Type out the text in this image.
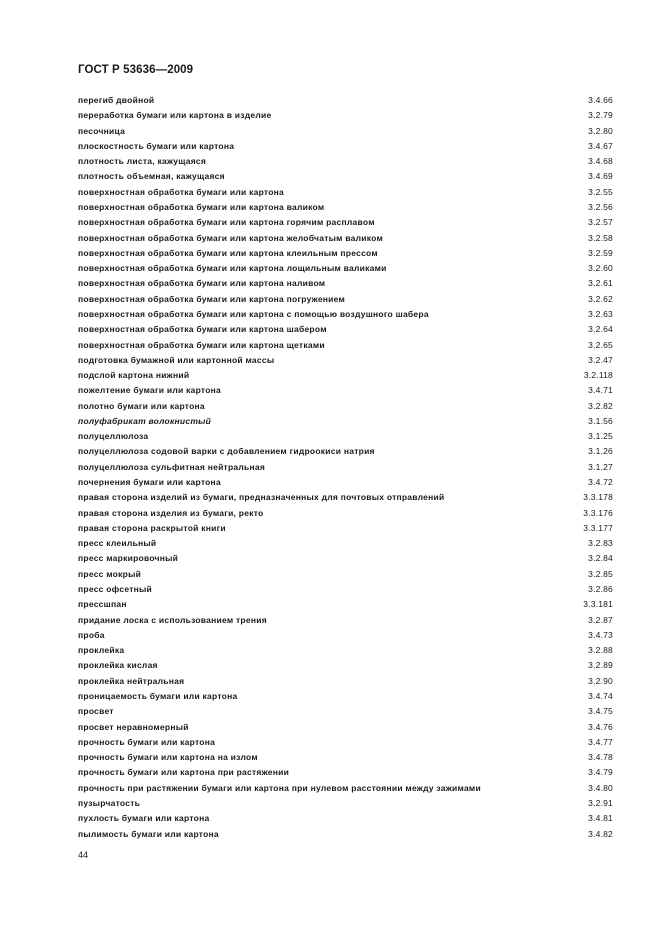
ГОСТ Р 53636—2009
перегиб двойной	3.4.66
переработка бумаги или картона в изделие	3.2.79
песочница	3.2.80
плоскостность бумаги или картона	3.4.67
плотность листа, кажущаяся	3.4.68
плотность объемная, кажущаяся	3.4.69
поверхностная обработка бумаги или картона	3.2.55
поверхностная обработка бумаги или картона валиком	3.2.56
поверхностная обработка бумаги или картона горячим расплавом	3.2.57
поверхностная обработка бумаги или картона желобчатым валиком	3.2.58
поверхностная обработка бумаги или картона клеильным прессом	3.2.59
поверхностная обработка бумаги или картона лощильным валиками	3.2.60
поверхностная обработка бумаги или картона наливом	3.2.61
поверхностная обработка бумаги или картона погружением	3.2.62
поверхностная обработка бумаги или картона с помощью воздушного шабера	3.2.63
поверхностная обработка бумаги или картона шабером	3.2.64
поверхностная обработка бумаги или картона щетками	3.2.65
подготовка бумажной или картонной массы	3.2.47
подслой картона нижний	3.2.118
пожелтение бумаги или картона	3.4.71
полотно бумаги или картона	3.2.82
полуфабрикат волокнистый	3.1.56
полуцеллюлоза	3.1.25
полуцеллюлоза содовой варки с добавлением гидроокиси натрия	3.1.26
полуцеллюлоза сульфитная нейтральная	3.1.27
почернения бумаги или картона	3.4.72
правая сторона изделий из бумаги, предназначенных для почтовых отправлений	3.3.178
правая сторона изделия из бумаги, ректо	3.3.176
правая сторона раскрытой книги	3.3.177
пресс клеильный	3.2.83
пресс маркировочный	3.2.84
пресс мокрый	3.2.85
пресс офсетный	3.2.86
прессшпан	3.3.181
придание лоска с использованием трения	3.2.87
проба	3.4.73
проклейка	3.2.88
проклейка кислая	3.2.89
проклейка нейтральная	3.2.90
проницаемость бумаги или картона	3.4.74
просвет	3.4.75
просвет неравномерный	3.4.76
прочность бумаги или картона	3.4.77
прочность бумаги или картона на излом	3.4.78
прочность бумаги или картона при растяжении	3.4.79
прочность при растяжении бумаги или картона при нулевом расстоянии между зажимами	3.4.80
пузырчатость	3.2.91
пухлость бумаги или картона	3.4.81
пылимость бумаги или картона	3.4.82
44
